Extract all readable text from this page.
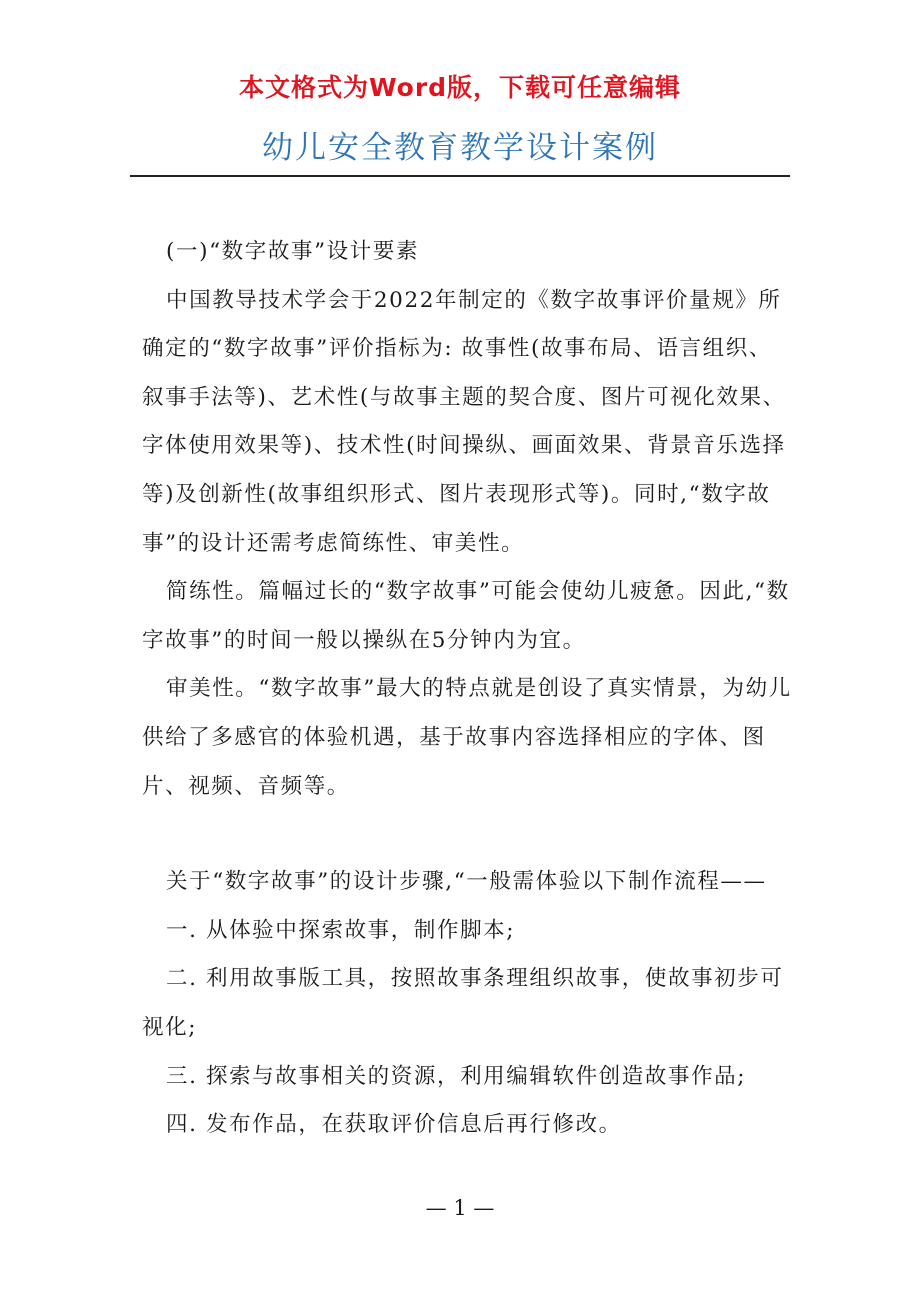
本文格式为Word版，下载可任意编辑
幼儿安全教育教学设计案例

(一)“数字故事”设计要素

中国教导技术学会于2022年制定的《数字故事评价量规》所确定的“数字故事”评价指标为: 故事性(故事布局、语言组织、叙事手法等)、艺术性(与故事主题的契合度、图片可视化效果、字体使用效果等)、技术性(时间操纵、画面效果、背景音乐选择等)及创新性(故事组织形式、图片表现形式等)。同时,“数字故事”的设计还需考虑简练性、审美性。

简练性。篇幅过长的“数字故事”可能会使幼儿疲惫。因此,“数字故事”的时间一般以操纵在5分钟内为宜。

审美性。“数字故事”最大的特点就是创设了真实情景，为幼儿供给了多感官的体验机遇，基于故事内容选择相应的字体、图片、视频、音频等。

关于“数字故事”的设计步骤,“一般需体验以下制作流程——

一. 从体验中探索故事，制作脚本;

二. 利用故事版工具，按照故事条理组织故事，使故事初步可视化;

三. 探索与故事相关的资源，利用编辑软件创造故事作品;

四. 发布作品，在获取评价信息后再行修改。

— 1 —
